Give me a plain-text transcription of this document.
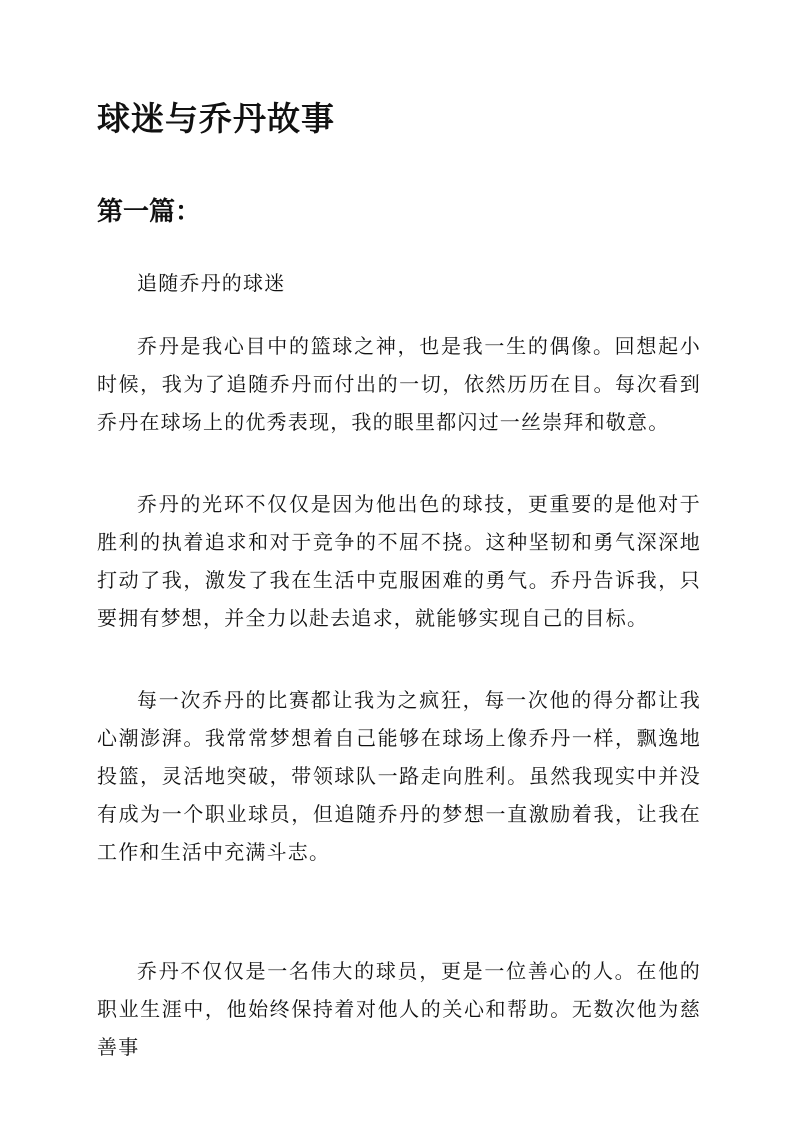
球迷与乔丹故事
第一篇：

追随乔丹的球迷

乔丹是我心目中的篮球之神，也是我一生的偶像。回想起小时候，我为了追随乔丹而付出的一切，依然历历在目。每次看到乔丹在球场上的优秀表现，我的眼里都闪过一丝崇拜和敬意。

乔丹的光环不仅仅是因为他出色的球技，更重要的是他对于胜利的执着追求和对于竞争的不屈不挠。这种坚韧和勇气深深地打动了我，激发了我在生活中克服困难的勇气。乔丹告诉我，只要拥有梦想，并全力以赴去追求，就能够实现自己的目标。

每一次乔丹的比赛都让我为之疯狂，每一次他的得分都让我心潮澎湃。我常常梦想着自己能够在球场上像乔丹一样，飘逸地投篮，灵活地突破，带领球队一路走向胜利。虽然我现实中并没有成为一个职业球员，但追随乔丹的梦想一直激励着我，让我在工作和生活中充满斗志。

乔丹不仅仅是一名伟大的球员，更是一位善心的人。在他的职业生涯中，他始终保持着对他人的关心和帮助。无数次他为慈善事
